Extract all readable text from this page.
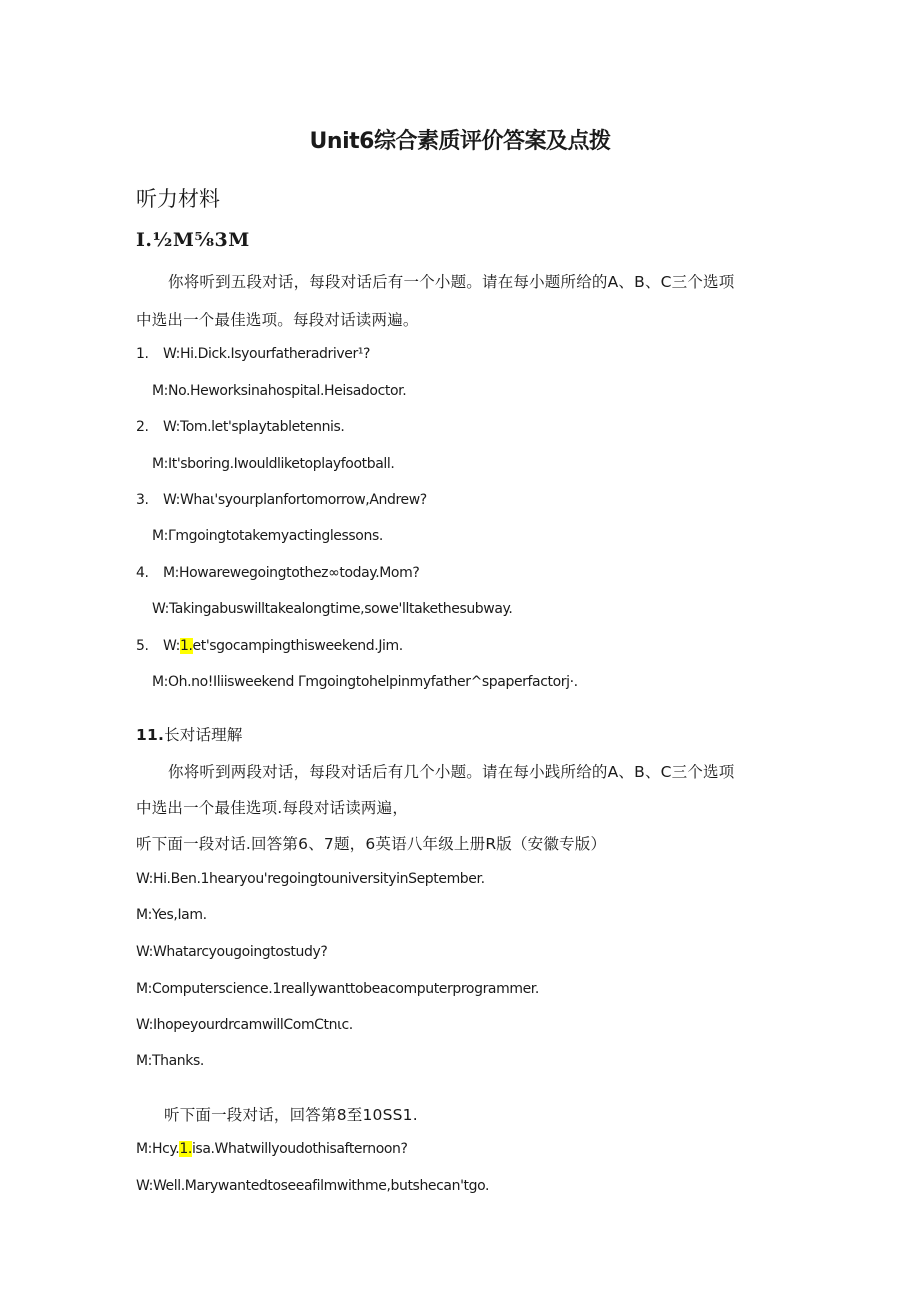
Unit6综合素质评价答案及点拨
听力材料
I.½M⅝3M
你将听到五段对话，每段对话后有一个小题。请在每小题所给的A、B、C三个选项
中选出一个最佳选项。每段对话读两遍。
1. W:Hi.Dick.Isyourfatheradriver¹?
M:No.Heworksinahospital.Heisadoctor.
2. W:Tom.let'splaytabletennis.
M:It'sboring.Iwouldliketoplayfootball.
3. W:Whaι'syourplanfortomorrow,Andrew?
M:Γmgoingtotakemyactinglessons.
4. M:Howarewegoingtothez∞today.Mom?
W:Takingabuswilltakealongtime,sowe'lltakethesubway.
5. W:1.et'sgocampingthisweekend.Jim.
M:Oh.no!Iliisweekend Γmgoingtohelpinmyfather^spaperfactorj·.
11.长对话理解
你将听到两段对话，每段对话后有几个小题。请在每小践所给的A、B、C三个选项
中选出一个最佳选项.每段对话读两遍，
听下面一段对话.回答第6、7题，6英语八年级上册R版（安徽专版）
W:Hi.Ben.1hearyou'regoingtouniversityinSeptember.
M:Yes,Iam.
W:Whatarcyougoingtostudy?
M:Computerscience.1reallywanttobeacomputerprogrammer.
W:IhopeyourdrcamwillComCtnιc.
M:Thanks.
听下面一段对话，回答第8至10SS1.
M:Hcy.1.isa.Whatwillyoudothisafternoon?
W:Well.Marywantedtoseeafilmwithme,butshecan'tgo.
